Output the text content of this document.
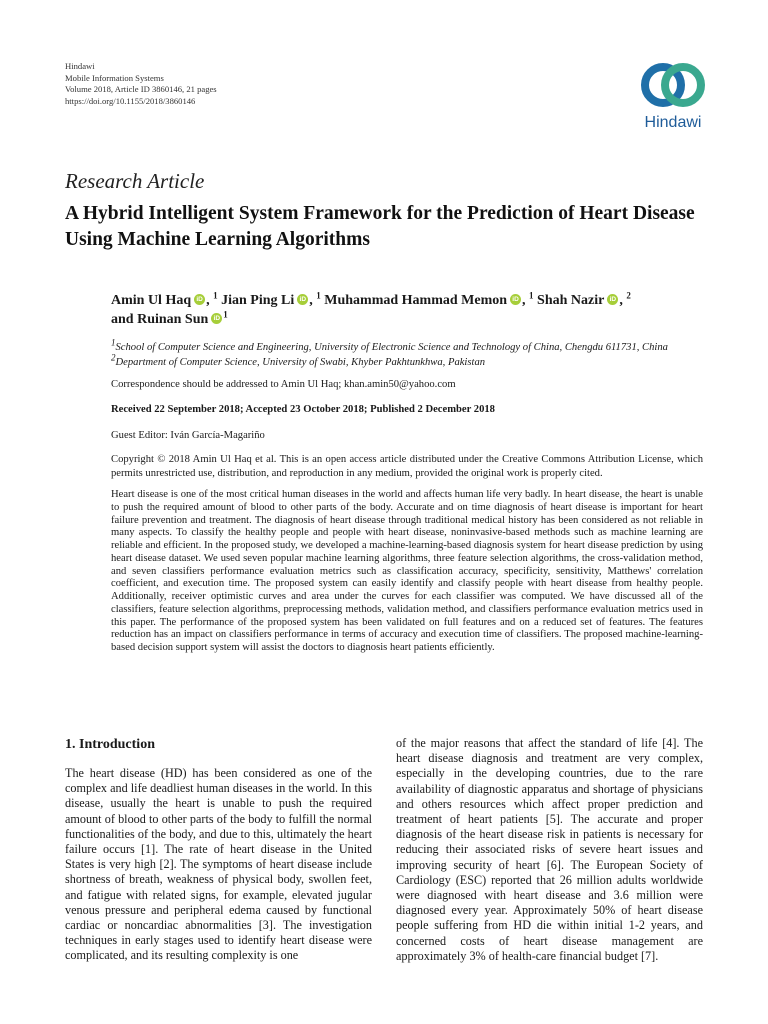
Hindawi
Mobile Information Systems
Volume 2018, Article ID 3860146, 21 pages
https://doi.org/10.1155/2018/3860146
Hindawi
Research Article
A Hybrid Intelligent System Framework for the Prediction of Heart Disease Using Machine Learning Algorithms
Amin Ul Haq iD , $^1$ Jian Ping Li iD , $^1$ Muhammad Hammad Memon iD , $^1$ Shah Nazir iD , $^2$
and Ruinan Sun iD $^1$
$^1$School of Computer Science and Engineering, University of Electronic Science and Technology of China, Chengdu 611731, China
$^2$Department of Computer Science, University of Swabi, Khyber Pakhtunkhwa, Pakistan
Correspondence should be addressed to Amin Ul Haq; khan.amin50@yahoo.com
Received 22 September 2018; Accepted 23 October 2018; Published 2 December 2018
Guest Editor: Iván García-Magariño
Copyright © 2018 Amin Ul Haq et al. This is an open access article distributed under the Creative Commons Attribution License, which permits unrestricted use, distribution, and reproduction in any medium, provided the original work is properly cited.
Heart disease is one of the most critical human diseases in the world and affects human life very badly. In heart disease, the heart is unable to push the required amount of blood to other parts of the body. Accurate and on time diagnosis of heart disease is important for heart failure prevention and treatment. The diagnosis of heart disease through traditional medical history has been considered as not reliable in many aspects. To classify the healthy people and people with heart disease, noninvasive-based methods such as machine learning are reliable and efficient. In the proposed study, we developed a machine-learning-based diagnosis system for heart disease prediction by using heart disease dataset. We used seven popular machine learning algorithms, three feature selection algorithms, the cross-validation method, and seven classifiers performance evaluation metrics such as classification accuracy, specificity, sensitivity, Matthews' correlation coefficient, and execution time. The proposed system can easily identify and classify people with heart disease from healthy people. Additionally, receiver optimistic curves and area under the curves for each classifier was computed. We have discussed all of the classifiers, feature selection algorithms, preprocessing methods, validation method, and classifiers performance evaluation metrics used in this paper. The performance of the proposed system has been validated on full features and on a reduced set of features. The features reduction has an impact on classifiers performance in terms of accuracy and execution time of classifiers. The proposed machine-learning-based decision support system will assist the doctors to diagnosis heart patients efficiently.
1. Introduction
The heart disease (HD) has been considered as one of the complex and life deadliest human diseases in the world. In this disease, usually the heart is unable to push the required amount of blood to other parts of the body to fulfill the normal functionalities of the body, and due to this, ultimately the heart failure occurs [1]. The rate of heart disease in the United States is very high [2]. The symptoms of heart disease include shortness of breath, weakness of physical body, swollen feet, and fatigue with related signs, for example, elevated jugular venous pressure and peripheral edema caused by functional cardiac or noncardiac abnormalities [3]. The investigation techniques in early stages used to identify heart disease were complicated, and its resulting complexity is one
of the major reasons that affect the standard of life [4]. The heart disease diagnosis and treatment are very complex, especially in the developing countries, due to the rare availability of diagnostic apparatus and shortage of physicians and others resources which affect proper prediction and treatment of heart patients [5]. The accurate and proper diagnosis of the heart disease risk in patients is necessary for reducing their associated risks of severe heart issues and improving security of heart [6]. The European Society of Cardiology (ESC) reported that 26 million adults worldwide were diagnosed with heart disease and 3.6 million were diagnosed every year. Approximately 50% of heart disease people suffering from HD die within initial 1-2 years, and concerned costs of heart disease management are approximately 3% of health-care financial budget [7].
